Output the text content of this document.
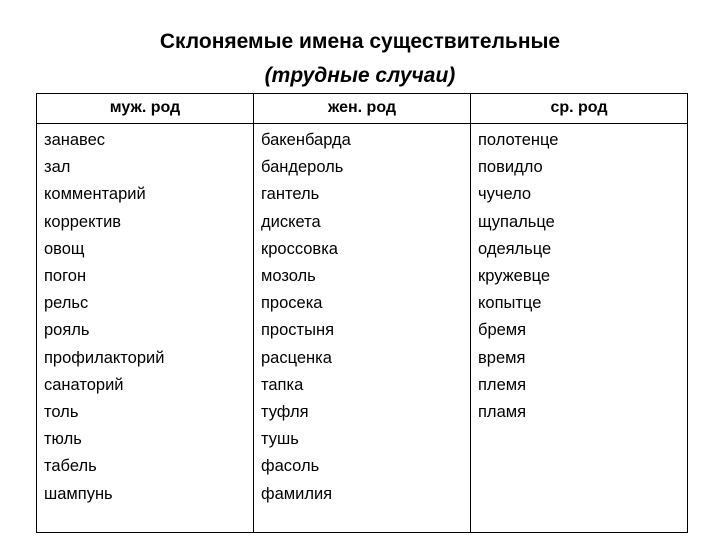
Склоняемые имена существительные
(трудные случаи)
муж. род	жен. род	ср. род
занавес
зал
комментарий
корректив
овощ
погон
рельс
рояль
профилакторий
санаторий
толь
тюль
табель
шампунь
бакенбарда
бандероль
гантель
дискета
кроссовка
мозоль
просека
простыня
расценка
тапка
туфля
тушь
фасоль
фамилия
полотенце
повидло
чучело
щупальце
одеяльце
кружевце
копытце
бремя
время
племя
пламя
